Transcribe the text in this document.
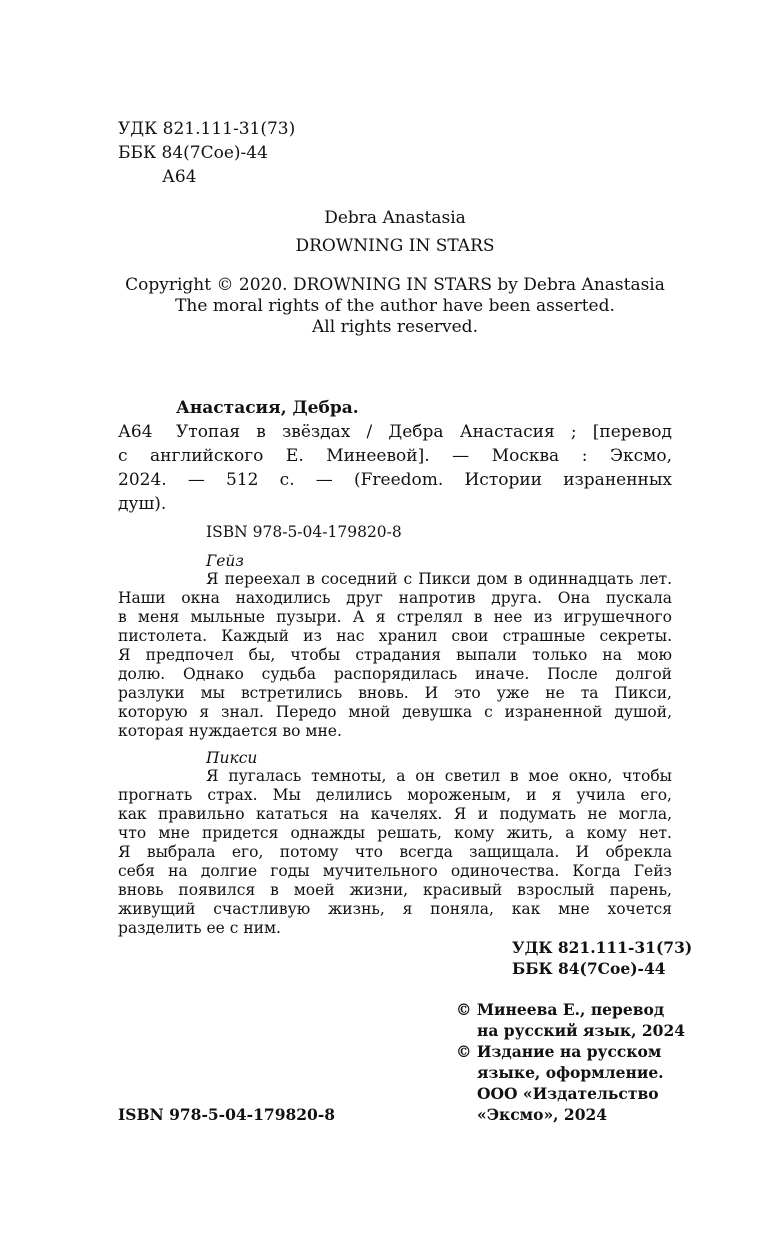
УДК 821.111-31(73)
ББК 84(7Сое)-44
А64
Debra Anastasia
DROWNING IN STARS
Copyright © 2020. DROWNING IN STARS by Debra Anastasia
The moral rights of the author have been asserted.
All rights reserved.
Анастасия, Дебра.
А64 Утопая в звёздах / Дебра Анастасия ; [перевод
с английского Е. Минеевой]. — Москва : Эксмо,
2024. — 512 с. — (Freedom. Истории израненных
душ).
ISBN 978-5-04-179820-8
Гейз
Я переехал в соседний с Пикси дом в одиннадцать лет.
Наши окна находились друг напротив друга. Она пускала
в меня мыльные пузыри. А я стрелял в нее из игрушечного
пистолета. Каждый из нас хранил свои страшные секреты.
Я предпочел бы, чтобы страдания выпали только на мою
долю. Однако судьба распорядилась иначе. После долгой
разлуки мы встретились вновь. И это уже не та Пикси,
которую я знал. Передо мной девушка с израненной душой,
которая нуждается во мне.
Пикси
Я пугалась темноты, а он светил в мое окно, чтобы
прогнать страх. Мы делились мороженым, и я учила его,
как правильно кататься на качелях. Я и подумать не могла,
что мне придется однажды решать, кому жить, а кому нет.
Я выбрала его, потому что всегда защищала. И обрекла
себя на долгие годы мучительного одиночества. Когда Гейз
вновь появился в моей жизни, красивый взрослый парень,
живущий счастливую жизнь, я поняла, как мне хочется
разделить ее с ним.
УДК 821.111-31(73)
ББК 84(7Сое)-44
© Минеева Е., перевод
на русский язык, 2024
© Издание на русском
языке, оформление.
ООО «Издательство
«Эксмо», 2024
ISBN 978-5-04-179820-8
